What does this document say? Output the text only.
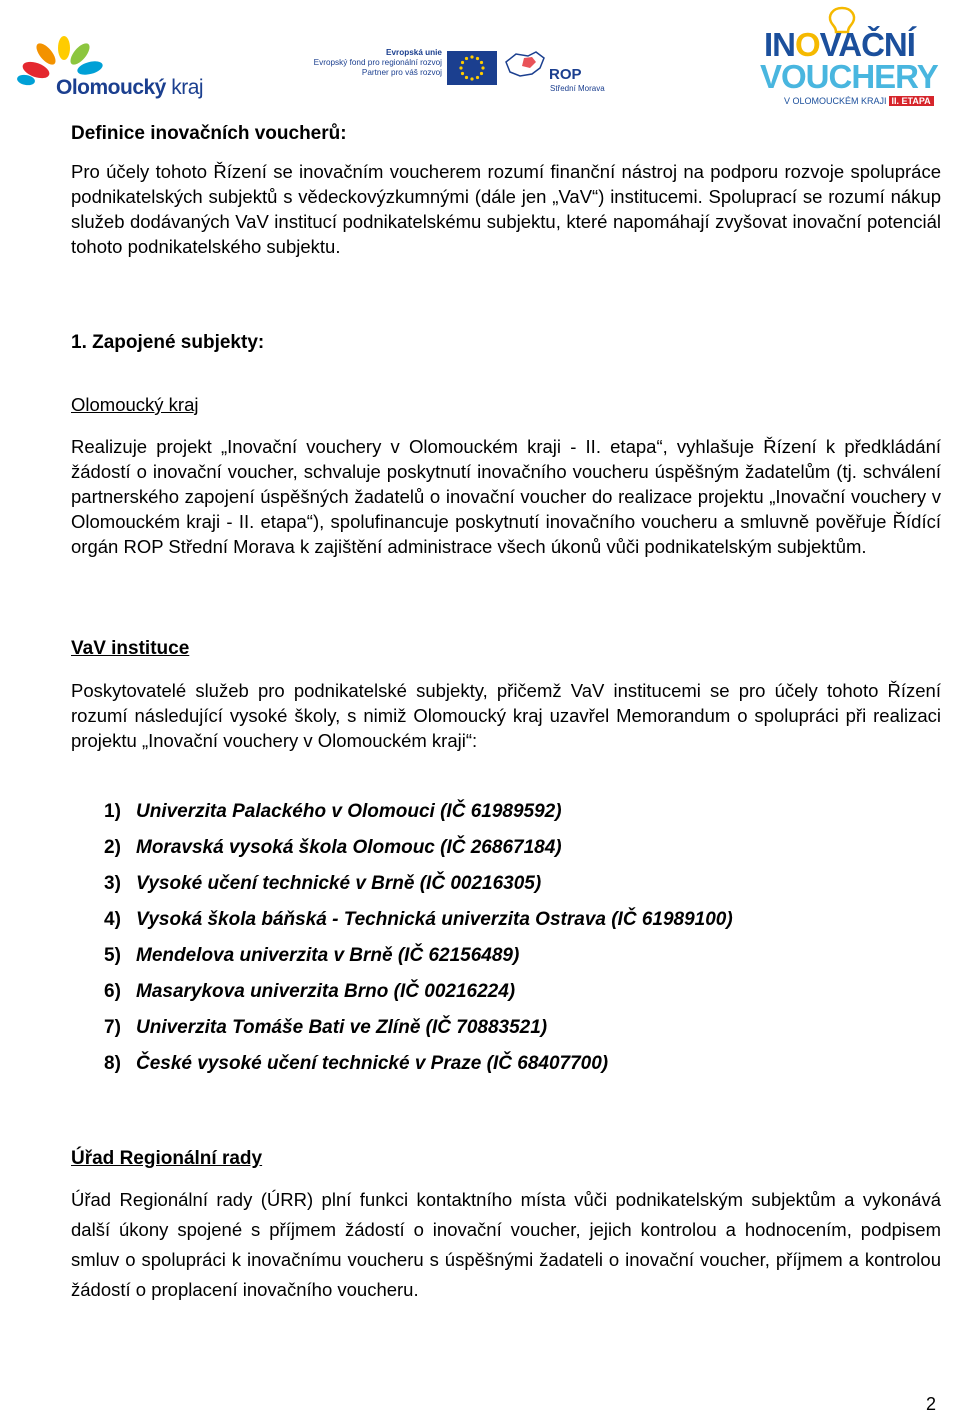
Olomoucký kraj
Evropská unie
Evropský fond pro regionální rozvoj
Partner pro váš rozvoj	ROP
Střední Morava
INOVAČNÍ
VOUCHERY
V OLOMOUCKÉM KRAJI II. ETAPA
Definice inovačních voucherů:
Pro účely tohoto Řízení se inovačním voucherem rozumí finanční nástroj na podporu rozvoje spolupráce podnikatelských subjektů s vědeckovýzkumnými (dále jen „VaV“) institucemi. Spoluprací se rozumí nákup služeb dodávaných VaV institucí podnikatelskému subjektu, které napomáhají zvyšovat inovační potenciál tohoto podnikatelského subjektu.
1. Zapojené subjekty:
Olomoucký kraj
Realizuje projekt „Inovační vouchery v Olomouckém kraji - II. etapa“, vyhlašuje Řízení k předkládání žádostí o inovační voucher, schvaluje poskytnutí inovačního voucheru úspěšným žadatelům (tj. schválení partnerského zapojení úspěšných žadatelů o inovační voucher do realizace projektu „Inovační vouchery v Olomouckém kraji - II. etapa“), spolufinancuje poskytnutí inovačního voucheru a smluvně pověřuje Řídící orgán ROP Střední Morava k zajištění administrace všech úkonů vůči podnikatelským subjektům.
VaV instituce
Poskytovatelé služeb pro podnikatelské subjekty, přičemž VaV institucemi se pro účely tohoto Řízení rozumí následující vysoké školy, s nimiž Olomoucký kraj uzavřel Memorandum o spolupráci při realizaci projektu „Inovační vouchery v Olomouckém kraji“:
1) Univerzita Palackého v Olomouci (IČ 61989592)
2) Moravská vysoká škola Olomouc (IČ 26867184)
3) Vysoké učení technické v Brně (IČ 00216305)
4) Vysoká škola báňská - Technická univerzita Ostrava (IČ 61989100)
5) Mendelova univerzita v Brně (IČ 62156489)
6) Masarykova univerzita Brno (IČ 00216224)
7) Univerzita Tomáše Bati ve Zlíně (IČ 70883521)
8) České vysoké učení technické v Praze (IČ 68407700)
Úřad Regionální rady
Úřad Regionální rady (ÚRR) plní funkci kontaktního místa vůči podnikatelským subjektům a vykonává další úkony spojené s příjmem žádostí o inovační voucher, jejich kontrolou a hodnocením, podpisem smluv o spolupráci k inovačnímu voucheru s úspěšnými žadateli o inovační voucher, příjmem a kontrolou žádostí o proplacení inovačního voucheru.
2
